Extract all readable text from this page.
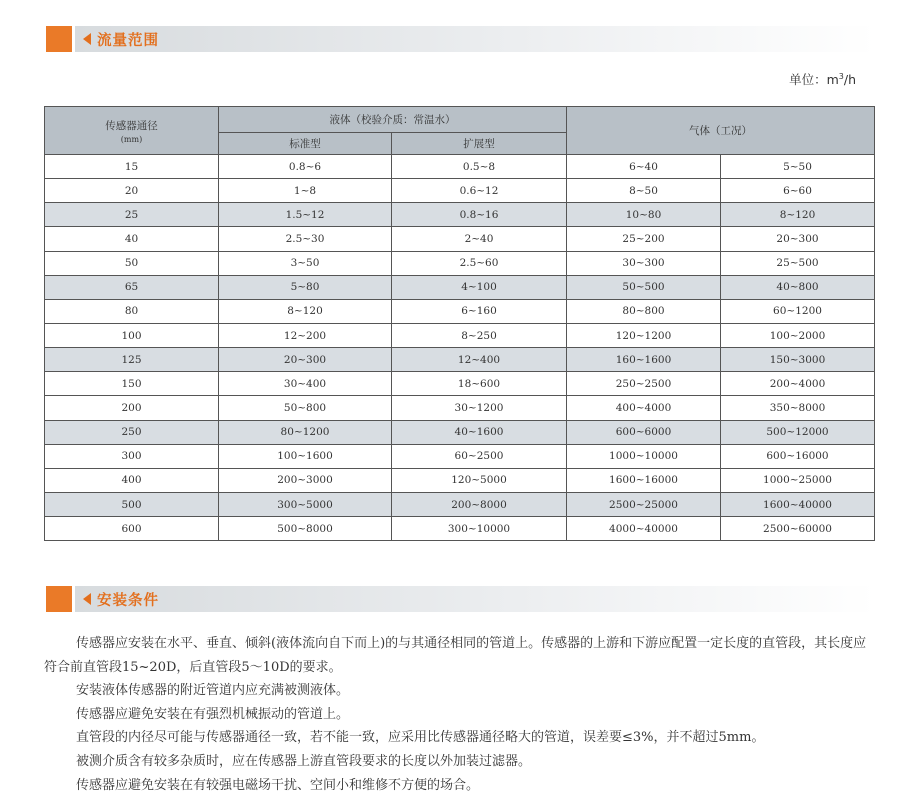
流量范围
单位：$m^3/h$
传感器通径
(mm)	液体（校验介质：常温水）		气体（工况）	
	标准型	扩展型		
15	0.8~6	0.5~8	6~40	5~50
20	1~8	0.6~12	8~50	6~60
25	1.5~12	0.8~16	10~80	8~120
40	2.5~30	2~40	25~200	20~300
50	3~50	2.5~60	30~300	25~500
65	5~80	4~100	50~500	40~800
80	8~120	6~160	80~800	60~1200
100	12~200	8~250	120~1200	100~2000
125	20~300	12~400	160~1600	150~3000
150	30~400	18~600	250~2500	200~4000
200	50~800	30~1200	400~4000	350~8000
250	80~1200	40~1600	600~6000	500~12000
300	100~1600	60~2500	1000~10000	600~16000
400	200~3000	120~5000	1600~16000	1000~25000
500	300~5000	200~8000	2500~25000	1600~40000
600	500~8000	300~10000	4000~40000	2500~60000
安装条件

传感器应安装在水平、垂直、倾斜(液体流向自下而上)的与其通径相同的管道上。传感器的上游和下游应配置一定长度的直管段，其长度应符合前直管段15~20D，后直管段5～10D的要求。

安装液体传感器的附近管道内应充满被测液体。

传感器应避免安装在有强烈机械振动的管道上。

直管段的内径尽可能与传感器通径一致，若不能一致，应采用比传感器通径略大的管道，误差要≤3%，并不超过5mm。

被测介质含有较多杂质时，应在传感器上游直管段要求的长度以外加装过滤器。

传感器应避免安装在有较强电磁场干扰、空间小和维修不方便的场合。
